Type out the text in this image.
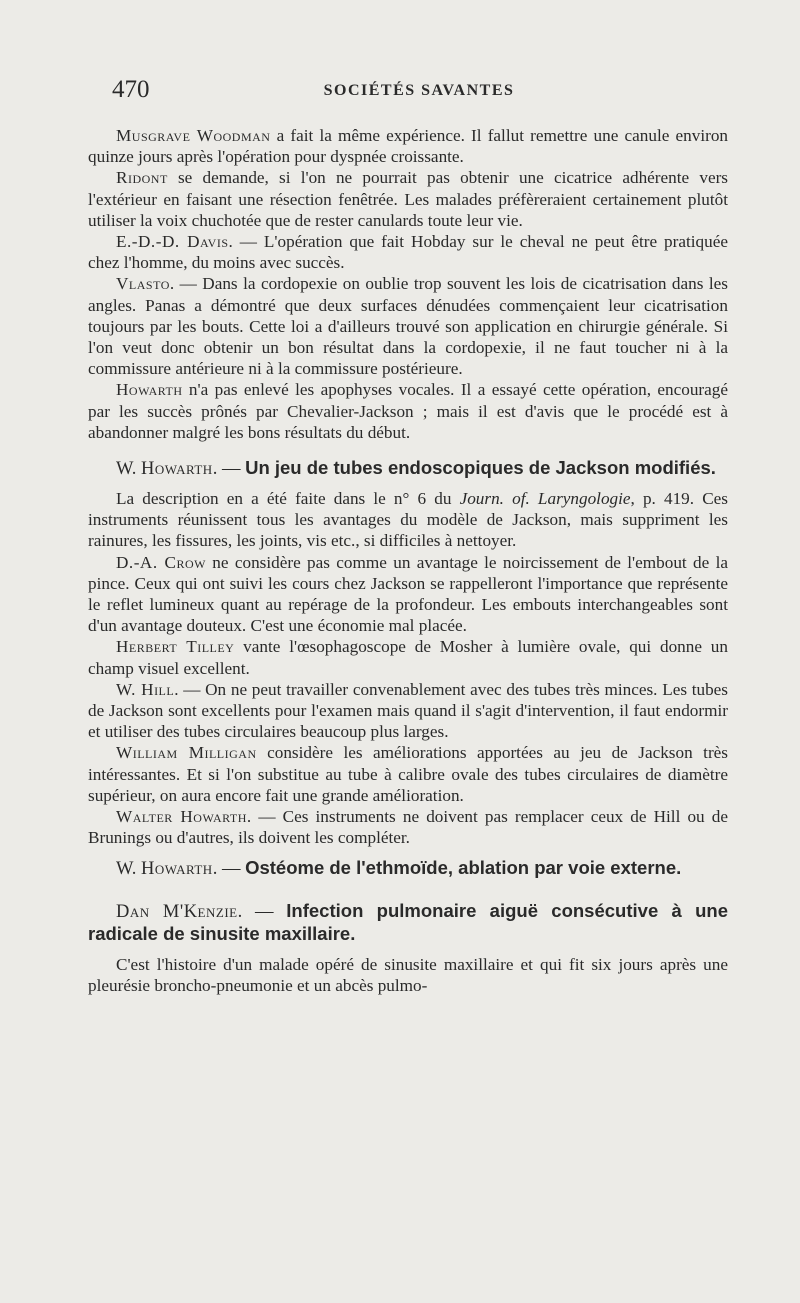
470	SOCIÉTÉS SAVANTES

Musgrave Woodman a fait la même expérience. Il fallut remettre une canule environ quinze jours après l'opération pour dyspnée croissante.

Ridont se demande, si l'on ne pourrait pas obtenir une cicatrice adhérente vers l'extérieur en faisant une résection fenêtrée. Les malades préfèreraient certainement plutôt utiliser la voix chuchotée que de rester canulards toute leur vie.

E.-D.-D. Davis. — L'opération que fait Hobday sur le cheval ne peut être pratiquée chez l'homme, du moins avec succès.

Vlasto. — Dans la cordopexie on oublie trop souvent les lois de cicatrisation dans les angles. Panas a démontré que deux surfaces dénudées commençaient leur cicatrisation toujours par les bouts. Cette loi a d'ailleurs trouvé son application en chirurgie générale. Si l'on veut donc obtenir un bon résultat dans la cordopexie, il ne faut toucher ni à la commissure antérieure ni à la commissure postérieure.

Howarth n'a pas enlevé les apophyses vocales. Il a essayé cette opération, encouragé par les succès prônés par Chevalier-Jackson ; mais il est d'avis que le procédé est à abandonner malgré les bons résultats du début.

W. Howarth. — Un jeu de tubes endoscopiques de Jackson modifiés.

La description en a été faite dans le n° 6 du Journ. of. Laryngologie, p. 419. Ces instruments réunissent tous les avantages du modèle de Jackson, mais suppriment les rainures, les fissures, les joints, vis etc., si difficiles à nettoyer.

D.-A. Crow ne considère pas comme un avantage le noircissement de l'embout de la pince. Ceux qui ont suivi les cours chez Jackson se rappelleront l'importance que représente le reflet lumineux quant au repérage de la profondeur. Les embouts interchangeables sont d'un avantage douteux. C'est une économie mal placée.

Herbert Tilley vante l'œsophagoscope de Mosher à lumière ovale, qui donne un champ visuel excellent.

W. Hill. — On ne peut travailler convenablement avec des tubes très minces. Les tubes de Jackson sont excellents pour l'examen mais quand il s'agit d'intervention, il faut endormir et utiliser des tubes circulaires beaucoup plus larges.

William Milligan considère les améliorations apportées au jeu de Jackson très intéressantes. Et si l'on substitue au tube à calibre ovale des tubes circulaires de diamètre supérieur, on aura encore fait une grande amélioration.

Walter Howarth. — Ces instruments ne doivent pas remplacer ceux de Hill ou de Brunings ou d'autres, ils doivent les compléter.

W. Howarth. — Ostéome de l'ethmoïde, ablation par voie externe.

Dan M'Kenzie. — Infection pulmonaire aiguë consécutive à une radicale de sinusite maxillaire.

C'est l'histoire d'un malade opéré de sinusite maxillaire et qui fit six jours après une pleurésie broncho-pneumonie et un abcès pulmo-
